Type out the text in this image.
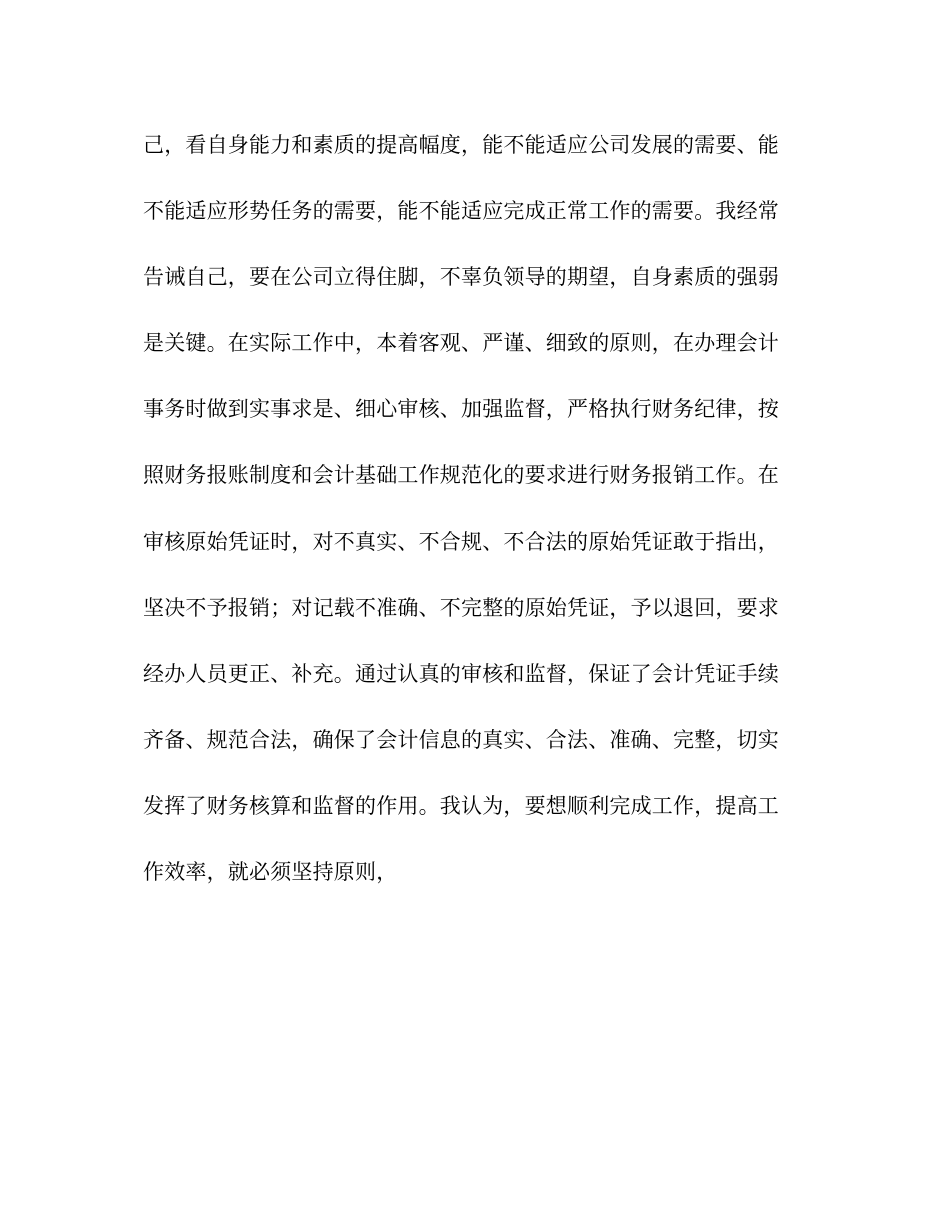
己，看自身能力和素质的提高幅度，能不能适应公司发展的需要、能
不能适应形势任务的需要，能不能适应完成正常工作的需要。我经常
告诫自己，要在公司立得住脚，不辜负领导的期望，自身素质的强弱
是关键。在实际工作中，本着客观、严谨、细致的原则，在办理会计
事务时做到实事求是、细心审核、加强监督，严格执行财务纪律，按
照财务报账制度和会计基础工作规范化的要求进行财务报销工作。在
审核原始凭证时，对不真实、不合规、不合法的原始凭证敢于指出，
坚决不予报销；对记载不准确、不完整的原始凭证，予以退回，要求
经办人员更正、补充。通过认真的审核和监督，保证了会计凭证手续
齐备、规范合法，确保了会计信息的真实、合法、准确、完整，切实
发挥了财务核算和监督的作用。我认为，要想顺利完成工作，提高工
作效率，就必须坚持原则，
